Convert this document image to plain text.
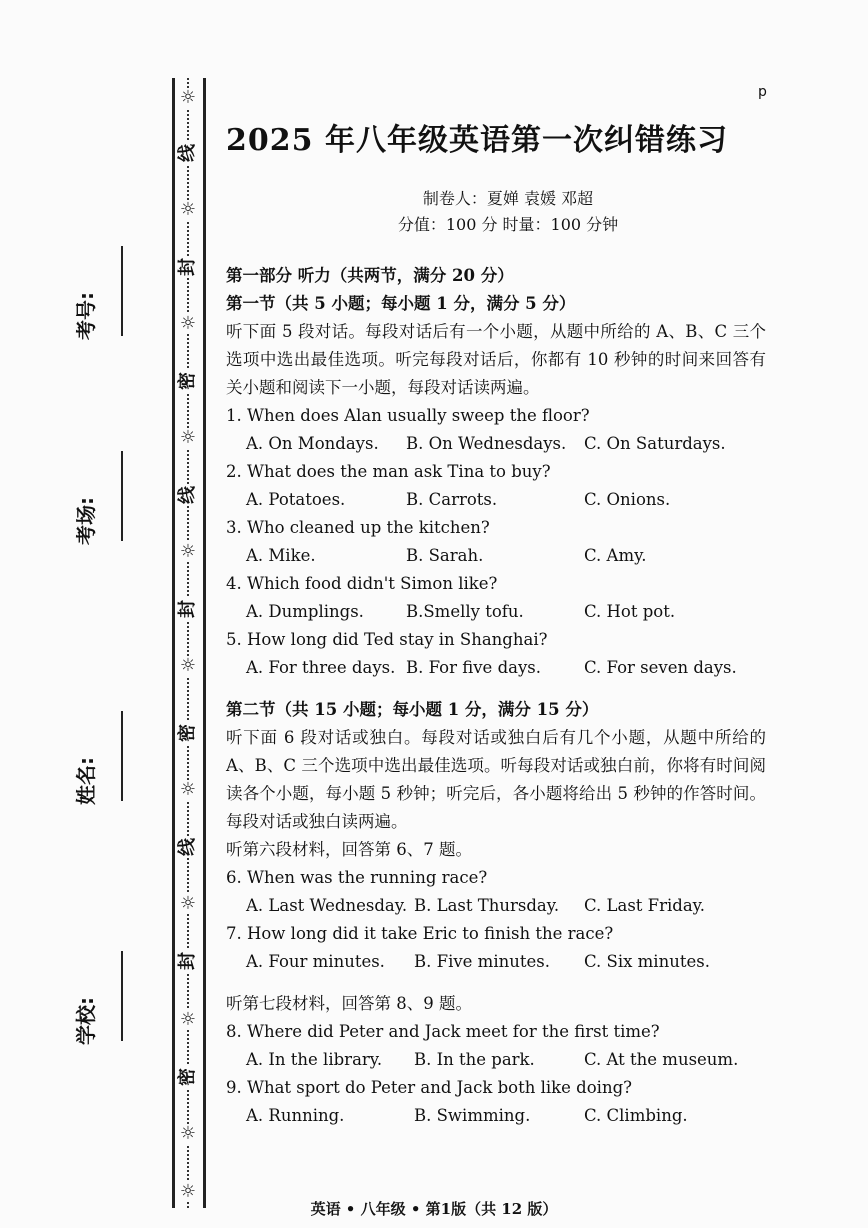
☼
线
☼
封
☼
密
☼
线
☼
封
☼
密
☼
线
☼
封
☼
密
☼
☼
考号:
考场:
姓名:
学校:
p
2025 年八年级英语第一次纠错练习
制卷人：夏婵 袁媛 邓超
分值：100 分 时量：100 分钟
第一部分 听力（共两节，满分 20 分）
第一节（共 5 小题；每小题 1 分，满分 5 分）
听下面 5 段对话。每段对话后有一个小题，从题中所给的 A、B、C 三个选项中选出最佳选项。听完每段对话后，你都有 10 秒钟的时间来回答有关小题和阅读下一小题，每段对话读两遍。
1. When does Alan usually sweep the floor?
A. On Mondays.	B. On Wednesdays.	C. On Saturdays.
2. What does the man ask Tina to buy?
A. Potatoes.	B. Carrots.	C. Onions.
3. Who cleaned up the kitchen?
A. Mike.	B. Sarah.	C. Amy.
4. Which food didn't Simon like?
A. Dumplings.	B.Smelly tofu.	C. Hot pot.
5. How long did Ted stay in Shanghai?
A. For three days. B. For five days.	C. For seven days.
第二节（共 15 小题；每小题 1 分，满分 15 分）
听下面 6 段对话或独白。每段对话或独白后有几个小题，从题中所给的 A、B、C 三个选项中选出最佳选项。听每段对话或独白前，你将有时间阅读各个小题，每小题 5 秒钟；听完后，各小题将给出 5 秒钟的作答时间。每段对话或独白读两遍。
听第六段材料，回答第 6、7 题。
6. When was the running race?
A. Last Wednesday. B. Last Thursday.	C. Last Friday.
7. How long did it take Eric to finish the race?
A. Four minutes.	B. Five minutes.	C. Six minutes.
听第七段材料，回答第 8、9 题。
8. Where did Peter and Jack meet for the first time?
A. In the library.	B. In the park.	C. At the museum.
9. What sport do Peter and Jack both like doing?
A. Running.	B. Swimming.	C. Climbing.
英语 • 八年级 • 第1版（共 12 版）
